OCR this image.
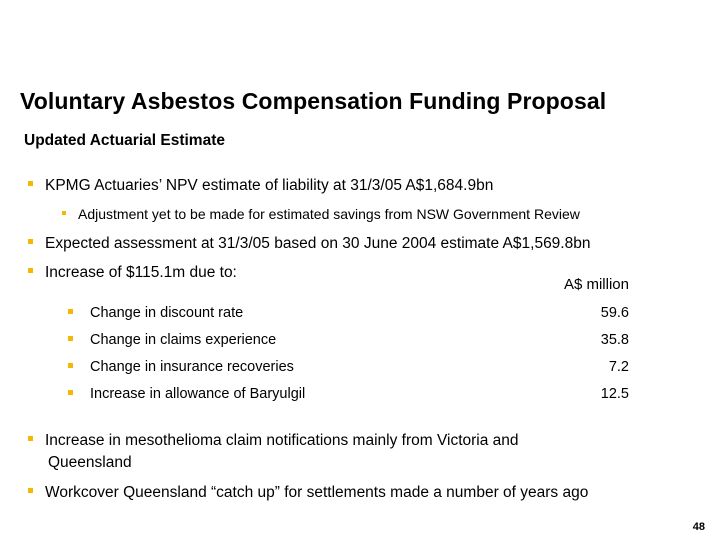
Voluntary Asbestos Compensation Funding Proposal
Updated Actuarial Estimate
KPMG Actuaries’ NPV estimate of liability at 31/3/05 A$1,684.9bn
Adjustment yet to be made for estimated savings from NSW Government Review
Expected assessment at 31/3/05 based on 30 June 2004 estimate A$1,569.8bn
Increase of $115.1m due to:
A$ million
Change in discount rate	59.6
Change in claims experience	35.8
Change in insurance recoveries	7.2
Increase in allowance of Baryulgil	12.5
Increase in mesothelioma claim notifications mainly from Victoria and
Queensland
Workcover Queensland “catch up” for settlements made a number of years ago
48
